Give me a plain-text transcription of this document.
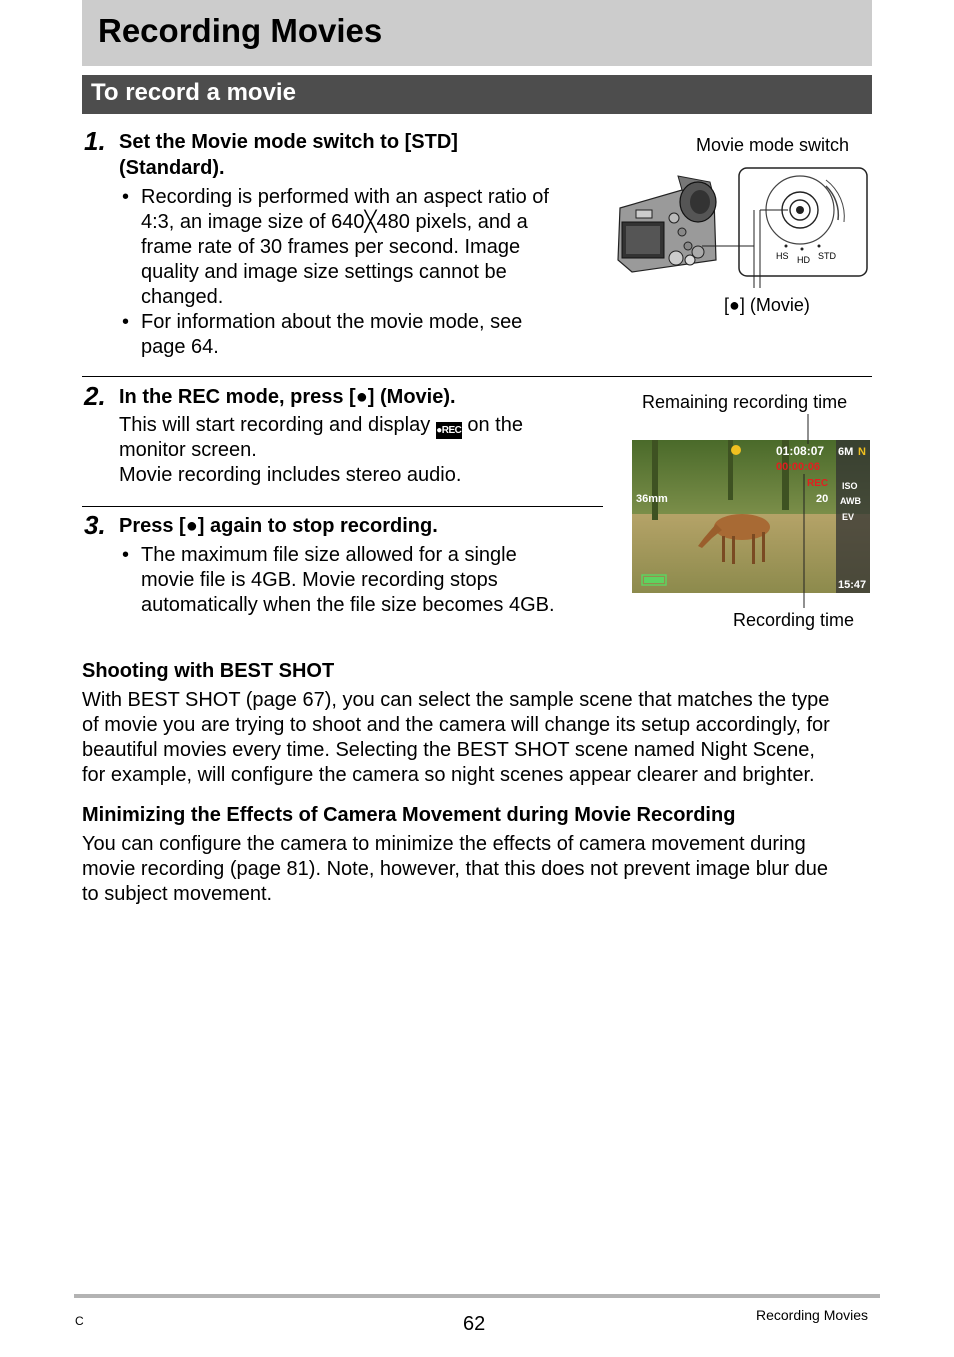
Recording Movies
To record a movie
1. Set the Movie mode switch to [STD]
(Standard).
• Recording is performed with an aspect ratio of
4:3, an image size of 640╳480 pixels, and a
frame rate of 30 frames per second. Image
quality and image size settings cannot be
changed.
• For information about the movie mode, see
page 64.
Movie mode switch
HS HD STD
[●] (Movie)
2. In the REC mode, press [●] (Movie).
This will start recording and display ●REC on the
monitor screen.
Movie recording includes stereo audio.
Remaining recording time
6M N
ISO
AWB
EV
15:47
01:08:07
00:00:06
REC
20
36mm
Recording time
3. Press [●] again to stop recording.
• The maximum file size allowed for a single
movie file is 4GB. Movie recording stops
automatically when the file size becomes 4GB.
Shooting with BEST SHOT
With BEST SHOT (page 67), you can select the sample scene that matches the type
of movie you are trying to shoot and the camera will change its setup accordingly, for
beautiful movies every time. Selecting the BEST SHOT scene named Night Scene,
for example, will configure the camera so night scenes appear clearer and brighter.
Minimizing the Effects of Camera Movement during Movie Recording
You can configure the camera to minimize the effects of camera movement during
movie recording (page 81). Note, however, that this does not prevent image blur due
to subject movement.
C	62	Recording Movies
